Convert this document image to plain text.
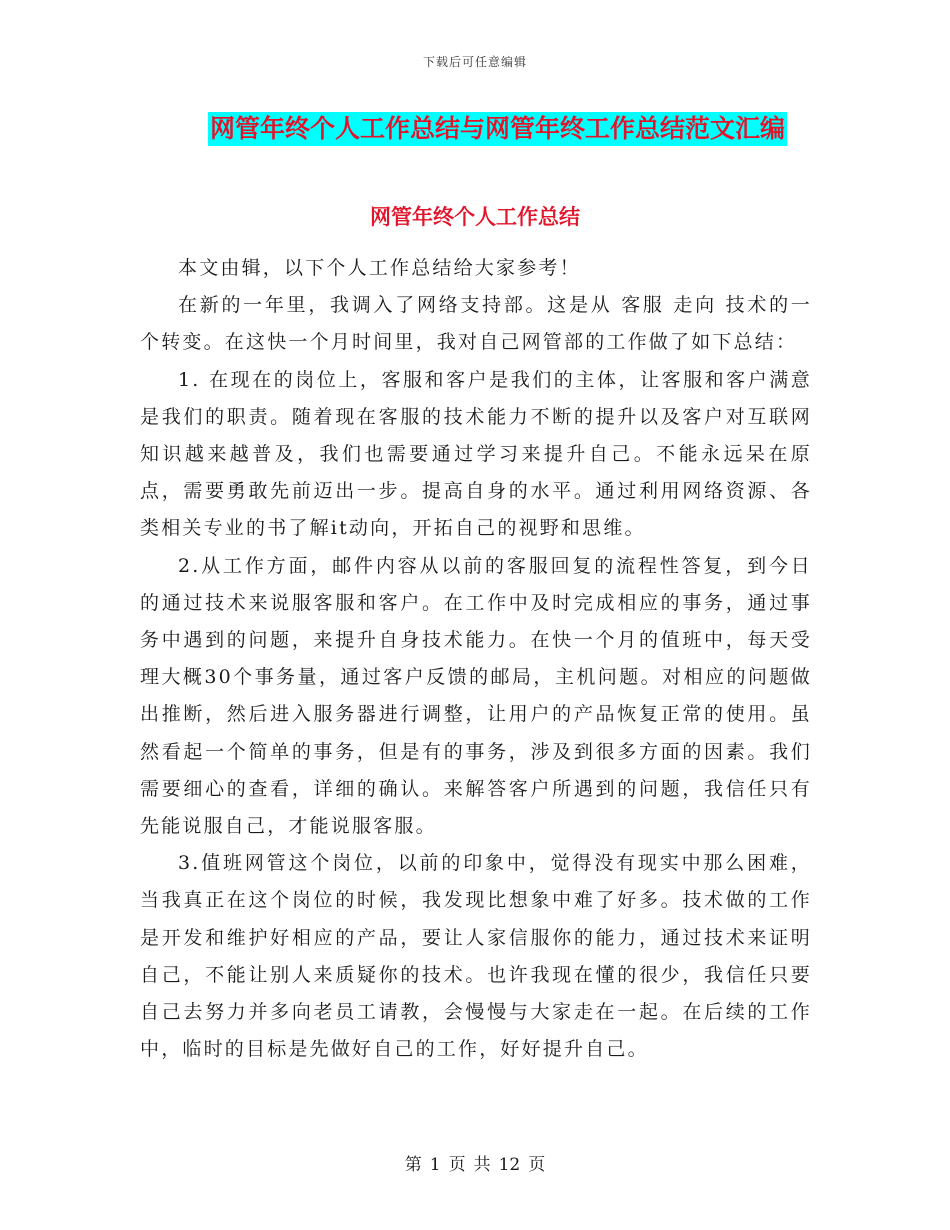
下载后可任意编辑
网管年终个人工作总结与网管年终工作总结范文汇编
网管年终个人工作总结

本文由辑，以下个人工作总结给大家参考！

在新的一年里，我调入了网络支持部。这是从 客服 走向 技术的一个转变。在这快一个月时间里，我对自己网管部的工作做了如下总结：

1. 在现在的岗位上，客服和客户是我们的主体，让客服和客户满意是我们的职责。随着现在客服的技术能力不断的提升以及客户对互联网知识越来越普及，我们也需要通过学习来提升自己。不能永远呆在原点，需要勇敢先前迈出一步。提高自身的水平。通过利用网络资源、各类相关专业的书了解it动向，开拓自己的视野和思维。

2.从工作方面，邮件内容从以前的客服回复的流程性答复，到今日的通过技术来说服客服和客户。在工作中及时完成相应的事务，通过事务中遇到的问题，来提升自身技术能力。在快一个月的值班中，每天受理大概30个事务量，通过客户反馈的邮局，主机问题。对相应的问题做出推断，然后进入服务器进行调整，让用户的产品恢复正常的使用。虽然看起一个简单的事务，但是有的事务，涉及到很多方面的因素。我们需要细心的查看，详细的确认。来解答客户所遇到的问题，我信任只有先能说服自己，才能说服客服。

3.值班网管这个岗位，以前的印象中，觉得没有现实中那么困难，当我真正在这个岗位的时候，我发现比想象中难了好多。技术做的工作是开发和维护好相应的产品，要让人家信服你的能力，通过技术来证明自己，不能让别人来质疑你的技术。也许我现在懂的很少，我信任只要自己去努力并多向老员工请教，会慢慢与大家走在一起。在后续的工作中，临时的目标是先做好自己的工作，好好提升自己。

第 1 页 共 12 页
